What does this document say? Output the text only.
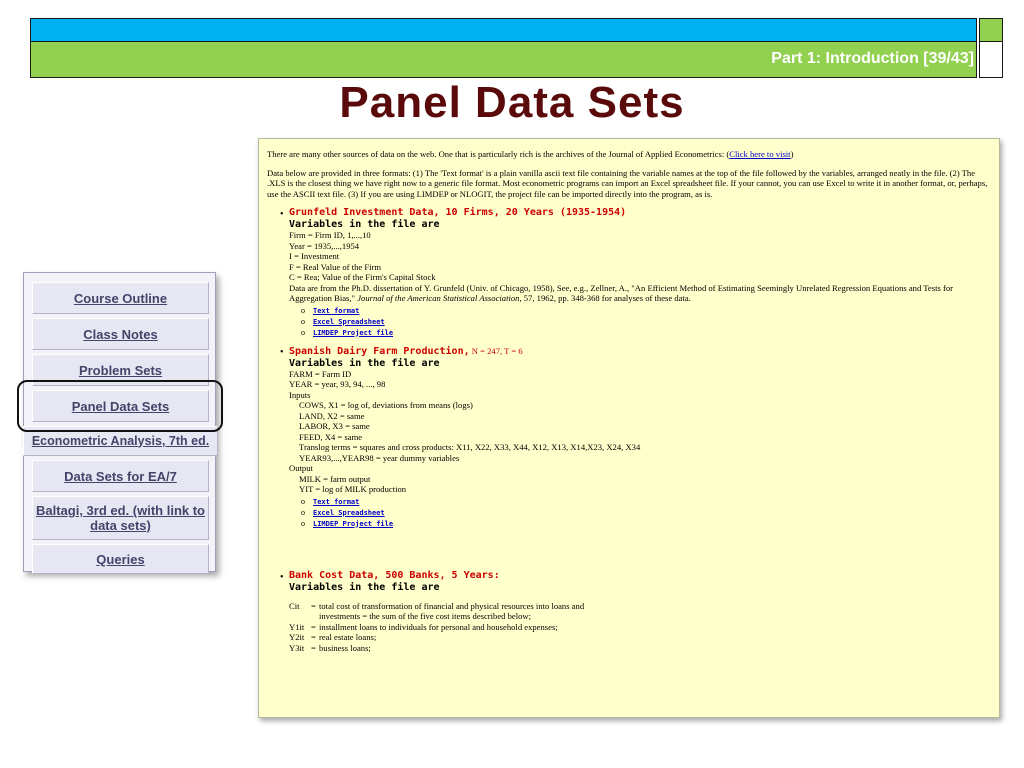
Part 1: Introduction [39/43]
Panel Data Sets
Course Outline
Class Notes
Problem Sets
Panel Data Sets
Econometric Analysis, 7th ed.
Data Sets for EA/7
Baltagi, 3rd ed. (with link to data sets)
Queries

There are many other sources of data on the web. One that is particularly rich is the archives of the Journal of Applied Econometrics: (Click here to visit)

Data below are provided in three formats: (1) The 'Text format' is a plain vanilla ascii text file containing the variable names at the top of the file followed by the variables, arranged neatly in the file. (2) The .XLS is the closest thing we have right now to a generic file format. Most econometric programs can import an Excel spreadsheet file. If your cannot, you can use Excel to write it in another format, or, perhaps, use the ASCII text file. (3) If you are using LIMDEP or NLOGIT, the project file can be imported directly into the program, as is.

• Grunfeld Investment Data, 10 Firms, 20 Years (1935-1954)
Variables in the file are
Firm = Firm ID, 1,...,10
Year = 1935,...,1954
I = Investment
F = Real Value of the Firm
C = Rea; Value of the Firm's Capital Stock
Data are from the Ph.D. dissertation of Y. Grunfeld (Univ. of Chicago, 1958), See, e.g., Zellner, A., "An Efficient Method of Estimating Seemingly Unrelated Regression Equations and Tests for Aggregation Bias," Journal of the American Statistical Association, 57, 1962, pp. 348-368 for analyses of these data.
o Text format
o Excel Spreadsheet
o LIMDEP Project file
• Spanish Dairy Farm Production, N = 247, T = 6
Variables in the file are
FARM = Farm ID
YEAR = year, 93, 94, ..., 98
Inputs
COWS, X1 = log of, deviations from means (logs)
LAND, X2 = same
LABOR, X3 = same
FEED, X4 = same
Translog terms = squares and cross products: X11, X22, X33, X44, X12, X13, X14,X23, X24, X34
YEAR93,...,YEAR98 = year dummy variables
Output
MILK = farm output
YIT = log of MILK production
o Text format
o Excel Spreadsheet
o LIMDEP Project file
• Bank Cost Data, 500 Banks, 5 Years:
Variables in the file are
Cit	= total cost of transformation of financial and physical resources into loans and
investments = the sum of the five cost items described below;
Y1it = installment loans to individuals for personal and household expenses;
Y2it = real estate loans;
Y3it = business loans;
